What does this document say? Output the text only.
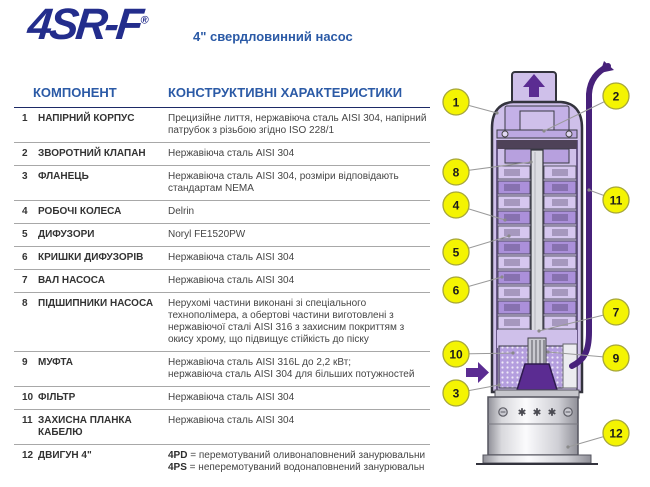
4SR-F®
4" свердловинний насос
КОМПОНЕНТ	КОНСТРУКТИВНІ ХАРАКТЕРИСТИКИ
1	НАПІРНИЙ КОРПУС	Прецизійне лиття, нержавіюча сталь AISI 304, напірний патрубок з різьбою згідно ISO 228/1
2	ЗВОРОТНИЙ КЛАПАН	Нержавіюча сталь AISI 304
3	ФЛАНЕЦЬ	Нержавіюча сталь AISI 304, розміри відповідають стандартам NEMA
4	РОБОЧІ КОЛЕСА	Delrin
5	ДИФУЗОРИ	Noryl FE1520PW
6	КРИШКИ ДИФУЗОРІВ	Нержавіюча сталь AISI 304
7	ВАЛ НАСОСА	Нержавіюча сталь AISI 304
8	ПІДШИПНИКИ НАСОСА	Нерухомі частини виконані зі спеціального технополімера, а обертові частини виготовлені з нержавіючої сталі AISI 316 з захисним покриттям з окису хрому, що підвищує стійкість до піску
9	МУФТА	Нержавіюча сталь AISI 316L до 2,2 кВт;
нержавіюча сталь AISI 304 для більших потужностей
10 ФІЛЬТР	Нержавіюча сталь AISI 304
11 ЗАХИСНА ПЛАНКА КАБЕЛЮ
Нержавіюча сталь AISI 304
12 ДВИГУН 4"	4PD = перемотуваний оливонаповнений занурювальни
4PS = неперемотуваний водонаповнений занурювальн
1	2
8
11
4
5
6
7
10	9
3
12
